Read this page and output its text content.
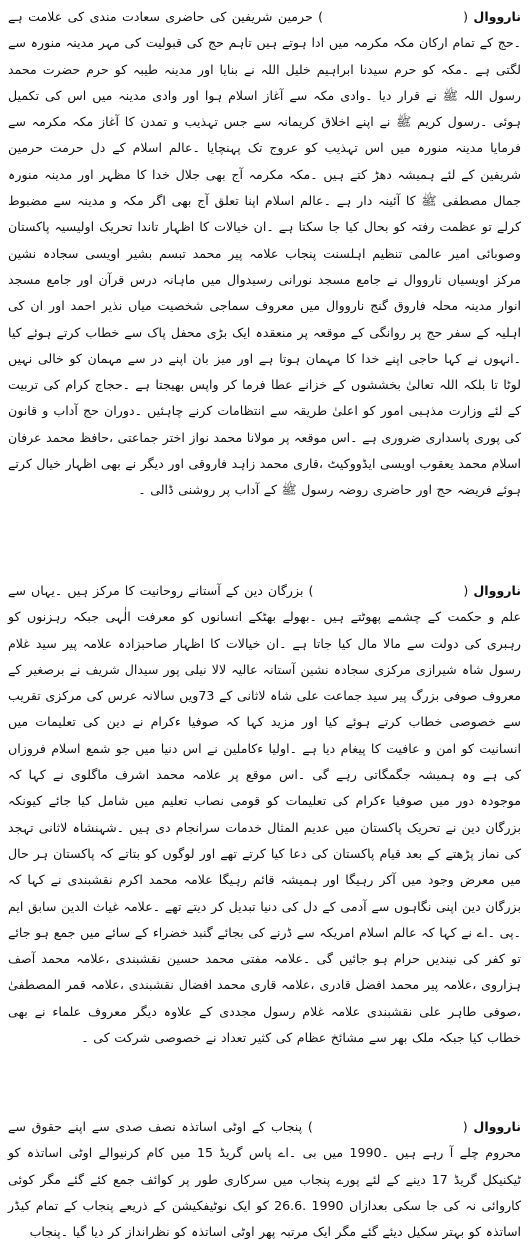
نارووال () حرمین شریفین کی حاضری سعادت مندی کی علامت ہے ۔حج کے تمام ارکان مکہ مکرمہ میں ادا ہوتے ہیں تاہم حج کی قبولیت کی مہر مدینہ منورہ سے لگتی ہے ۔مکہ کو حرم سیدنا ابراہیم خلیل اللہ نے بنایا اور مدینہ طیبہ کو حرم حضرت محمد رسول اللہ ﷺ نے قرار دیا ۔وادی مکہ سے آغاز اسلام ہوا اور وادی مدینہ میں اس کی تکمیل ہوئی ۔رسول کریم ﷺ نے اپنے اخلاق کریمانہ سے جس تہذیب و تمدن کا آغاز مکہ مکرمہ سے فرمایا مدینہ منورہ میں اس تہذیب کو عروج تک پہنچایا ۔عالم اسلام کے دل حرمت حرمین شریفین کے لئے ہمیشہ دھڑ کتے ہیں ۔مکہ مکرمہ آج بھی جلال خدا کا مظہر اور مدینہ منورہ جمال مصطفی ﷺ کا آئینہ دار ہے ۔عالم اسلام اپنا تعلق آج بھی اگر مکہ و مدینہ سے مضبوط کرلے تو عظمت رفتہ کو بحال کیا جا سکتا ہے ۔ان خیالات کا اظہار تاندا تحریک اولیسیہ پاکستان وصوبائی امیر عالمی تنظیم اہلسنت پنجاب علامہ پیر محمد تبسم بشیر اویسی سجادہ نشین مرکز اویسیاں نارووال نے جامع مسجد نورانی رسیدوال میں ماہانہ درس قرآن اور جامع مسجد انوار مدینہ محلہ فاروق گنج نارووال میں معروف سماجی شخصیت میاں نذیر احمد اور ان کی اہلیہ کے سفر حج پر روانگی کے موقعہ پر منعقدہ ایک بڑی محفل پاک سے خطاب کرتے ہوئے کیا ۔انہوں نے کہا حاجی اپنے خدا کا مہمان ہوتا ہے اور میز بان اپنے در سے مہمان کو خالی نہیں لوٹا تا بلکہ اللہ تعالیٰ بخششوں کے خزانے عطا فرما کر واپس بھیجتا ہے ۔حجاج کرام کی تربیت کے لئے وزارت مذہبی امور کو اعلیٰ طریقہ سے انتظامات کرنے چاہئیں ۔دوران حج آداب و قانون کی پوری پاسداری ضروری ہے ۔اس موقعہ پر مولانا محمد نواز اختر جماعتی ،حافظ محمد عرفان اسلام محمد یعقوب اویسی ایڈووکیٹ ،قاری محمد زاہد فاروقی اور دیگر نے بھی اظہار خیال کرتے ہوئے فریضہ حج اور حاضری روضہ رسول ﷺ کے آداب پر روشنی ڈالی ۔

نارووال () بزرگان دین کے آستانے روحانیت کا مرکز ہیں ۔یہاں سے علم و حکمت کے چشمے پھوٹتے ہیں ۔بھولے بھٹکے انسانوں کو معرفت الٰہی جبکہ رہزنوں کو رہبری کی دولت سے مالا مال کیا جاتا ہے ۔ان خیالات کا اظہار صاحبزادہ علامہ پیر سید غلام رسول شاہ شیرازی مرکزی سجادہ نشین آستانہ عالیہ لالا نیلی پور سیدال شریف نے برصغیر کے معروف صوفی بزرگ پیر سید جماعت علی شاہ لاثانی کے 73ویں سالانہ عرس کی مرکزی تقریب سے خصوصی خطاب کرتے ہوئے کیا اور مزید کہا کہ صوفیا ءکرام نے دین کی تعلیمات میں انسانیت کو امن و عافیت کا پیغام دیا ہے ۔اولیا ءکاملین نے اس دنیا میں جو شمع اسلام فروزاں کی ہے وہ ہمیشہ جگمگاتی رہے گی ۔اس موقع پر علامہ محمد اشرف ماگلوی نے کہا کہ موجودہ دور میں صوفیا ءکرام کی تعلیمات کو قومی نصاب تعلیم میں شامل کیا جائے کیونکہ بزرگان دین نے تحریک پاکستان میں عدیم المثال خدمات سرانجام دی ہیں ۔شہنشاہ لاثانی تہجد کی نماز پڑھتے کے بعد قیام پاکستان کی دعا کیا کرتے تھے اور لوگوں کو بتاتے کہ پاکستان ہر حال میں معرض وجود میں آکر رہیگا اور ہمیشہ قائم رہیگا علامہ محمد اکرم نقشبندی نے کہا کہ بزرگان دین اپنی نگاہوں سے آدمی کے دل کی دنیا تبدیل کر دیتے تھے ۔علامہ غیاث الدین سابق ایم ۔پی ۔اے نے کہا کہ عالم اسلام امریکہ سے ڈرنے کی بجائے گنبد خضراء کے سائے میں جمع ہو جائے تو کفر کی نیندیں حرام ہو جائیں گی ۔علامہ مفتی محمد حسین نقشبندی ،علامہ محمد آصف ہزاروی ،علامہ پیر محمد افضل قادری ،علامہ قاری محمد افضال نقشبندی ،علامہ قمر المصطفیٰ ،صوفی طاہر علی نقشبندی علامہ غلام رسول مجددی کے علاوہ دیگر معروف علماء نے بھی خطاب کیا جبکہ ملک بھر سے مشائخ عظام کی کثیر تعداد نے خصوصی شرکت کی ۔

نارووال () پنجاب کے اوٹی اساتذہ نصف صدی سے اپنے حقوق سے محروم چلے آ رہے ہیں ۔1990 میں بی ۔اے پاس گریڈ 15 میں کام کرنیوالے اوٹی اساتذہ کو ٹیکنیکل گریڈ 17 دینے کے لئے پورے پنجاب میں سرکاری طور پر کوائف جمع کئے گئے مگر کوئی کاروائی نہ کی جا سکی بعدازاں 1990 .26.6 کو ایک نوٹیفکیشن کے ذریعے پنجاب کے تمام کیڈر اساتذہ کو بہتر سکیل دیئے گئے مگر ایک مرتبہ پھر اوٹی اساتذہ کو نظرانداز کر دیا گیا ۔پنجاب
